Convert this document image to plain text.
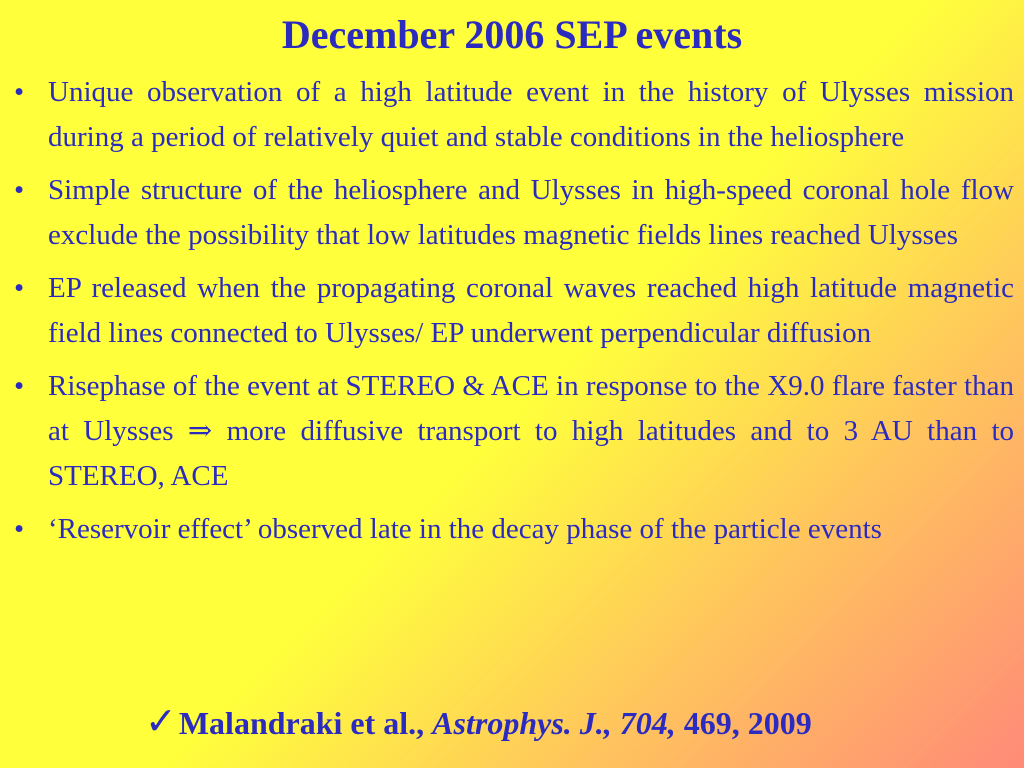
December 2006 SEP events
• Unique observation of a high latitude event in the history of Ulysses mission during a period of relatively quiet and stable conditions in the heliosphere
• Simple structure of the heliosphere and Ulysses in high-speed coronal hole flow exclude the possibility that low latitudes magnetic fields lines reached Ulysses
• EP released when the propagating coronal waves reached high latitude magnetic field lines connected to Ulysses/ EP underwent perpendicular diffusion
• Risephase of the event at STEREO & ACE in response to the X9.0 flare faster than at Ulysses ⇒ more diffusive transport to high latitudes and to 3 AU than to STEREO, ACE
• ‘Reservoir effect’ observed late in the decay phase of the particle events
✓Malandraki et al., Astrophys. J., 704, 469, 2009
